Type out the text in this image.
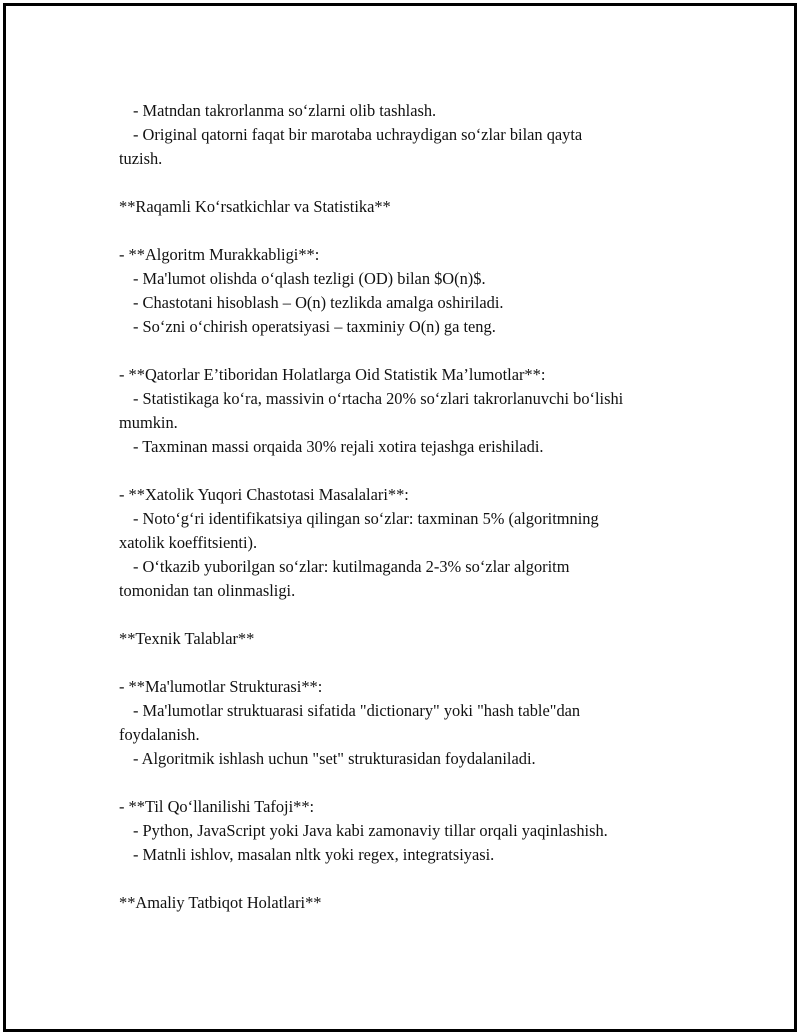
- Matndan takrorlanma so‘zlarni olib tashlash.

- Original qatorni faqat bir marotaba uchraydigan so‘zlar bilan qayta

tuzish.

**Raqamli Ko‘rsatkichlar va Statistika**

- **Algoritm Murakkabligi**:

- Ma'lumot olishda o‘qlash tezligi (OD) bilan $O(n)$.

- Chastotani hisoblash – O(n) tezlikda amalga oshiriladi.

- So‘zni o‘chirish operatsiyasi – taxminiy O(n) ga teng.

- **Qatorlar E’tiboridan Holatlarga Oid Statistik Ma’lumotlar**:

- Statistikaga ko‘ra, massivin o‘rtacha 20% so‘zlari takrorlanuvchi bo‘lishi

mumkin.

- Taxminan massi orqaida 30% rejali xotira tejashga erishiladi.

- **Xatolik Yuqori Chastotasi Masalalari**:

- Noto‘g‘ri identifikatsiya qilingan so‘zlar: taxminan 5% (algoritmning

xatolik koeffitsienti).

- O‘tkazib yuborilgan so‘zlar: kutilmaganda 2-3% so‘zlar algoritm

tomonidan tan olinmasligi.

**Texnik Talablar**

- **Ma'lumotlar Strukturasi**:

- Ma'lumotlar struktuarasi sifatida "dictionary" yoki "hash table"dan

foydalanish.

- Algoritmik ishlash uchun "set" strukturasidan foydalaniladi.

- **Til Qo‘llanilishi Tafoji**:

- Python, JavaScript yoki Java kabi zamonaviy tillar orqali yaqinlashish.

- Matnli ishlov, masalan nltk yoki regex, integratsiyasi.

**Amaliy Tatbiqot Holatlari**
